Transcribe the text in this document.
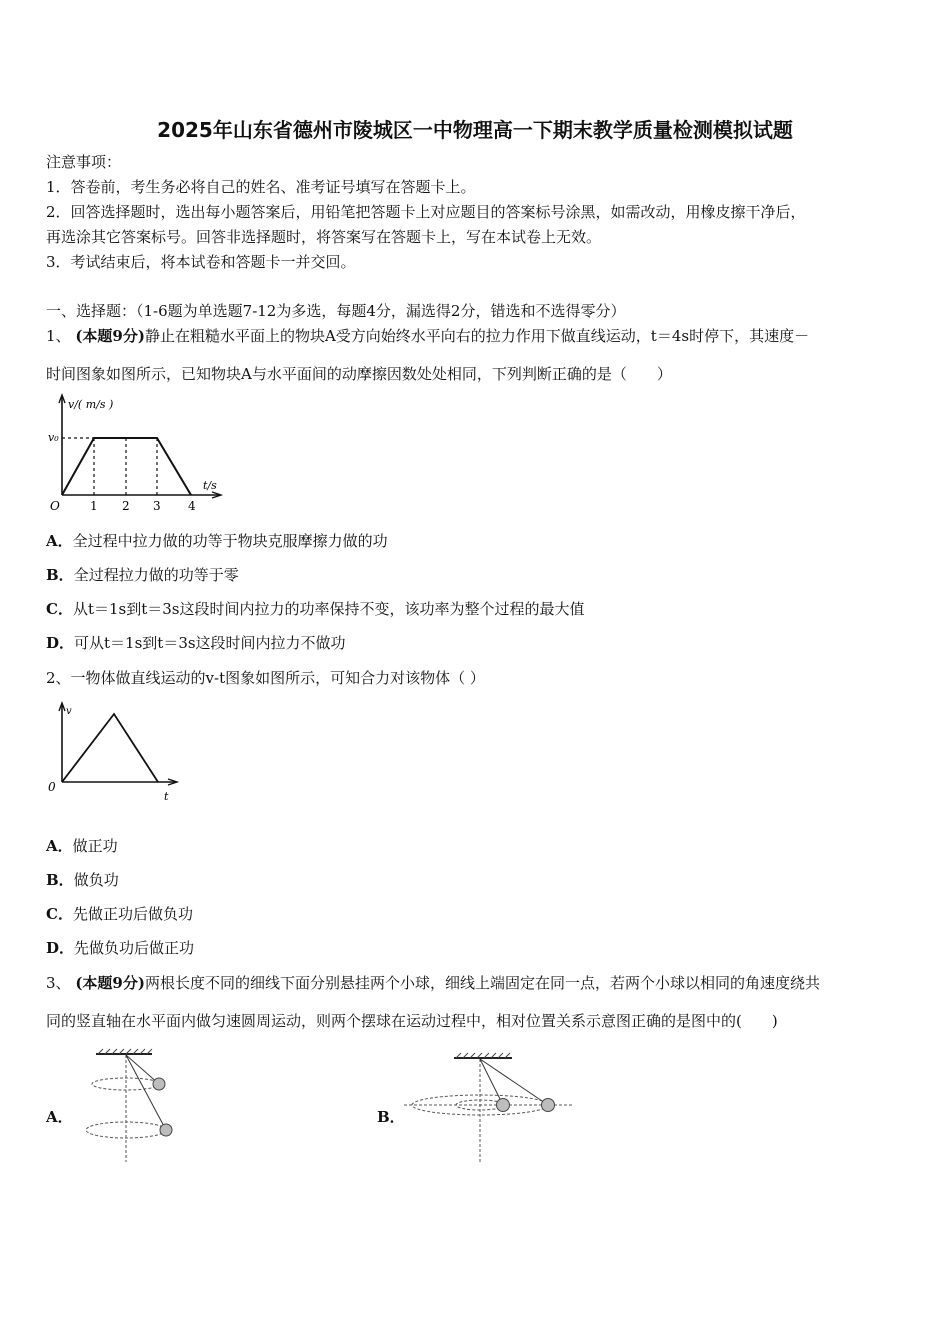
2025年山东省德州市陵城区一中物理高一下期末教学质量检测模拟试题
注意事项：
1．答卷前，考生务必将自己的姓名、准考证号填写在答题卡上。
2．回答选择题时，选出每小题答案后，用铅笔把答题卡上对应题目的答案标号涂黑，如需改动，用橡皮擦干净后，
再选涂其它答案标号。回答非选择题时，将答案写在答题卡上，写在本试卷上无效。
3．考试结束后，将本试卷和答题卡一并交回。
一、选择题：（1-6题为单选题7-12为多选，每题4分，漏选得2分，错选和不选得零分）
1、 (本题9分)静止在粗糙水平面上的物块A受方向始终水平向右的拉力作用下做直线运动，t＝4s时停下，其速度－
时间图象如图所示，已知物块A与水平面间的动摩擦因数处处相同，下列判断正确的是（　　）
v/( m/s )
v₀
O
t/s
1 2 3 4
A．全过程中拉力做的功等于物块克服摩擦力做的功
B．全过程拉力做的功等于零
C．从t＝1s到t＝3s这段时间内拉力的功率保持不变，该功率为整个过程的最大值
D．可从t＝1s到t＝3s这段时间内拉力不做功
2、一物体做直线运动的v-t图象如图所示，可知合力对该物体（ ）
v
0
t
A．做正功
B．做负功
C．先做正功后做负功
D．先做负功后做正功
3、 (本题9分)两根长度不同的细线下面分别悬挂两个小球，细线上端固定在同一点，若两个小球以相同的角速度绕共
同的竖直轴在水平面内做匀速圆周运动，则两个摆球在运动过程中，相对位置关系示意图正确的是图中的(　　)
A．	B．
